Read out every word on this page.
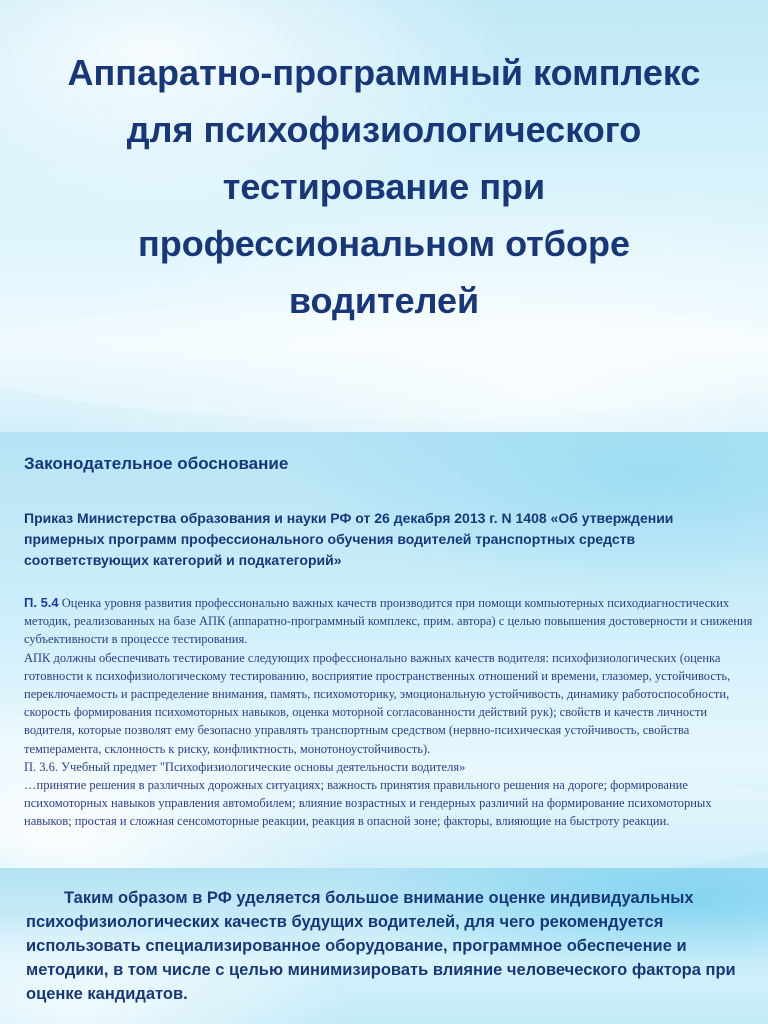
Аппаратно-программный комплекс для психофизиологического тестирование при профессиональном отборе водителей
Законодательное обоснование

Приказ Министерства образования и науки РФ от 26 декабря 2013 г. N 1408 «Об утверждении примерных программ профессионального обучения водителей транспортных средств соответствующих категорий и подкатегорий»

П. 5.4 Оценка уровня развития профессионально важных качеств производится при помощи компьютерных психодиагностических методик, реализованных на базе АПК (аппаратно-программный комплекс, прим. автора) с целью повышения достоверности и снижения субъективности в процессе тестирования.

АПК должны обеспечивать тестирование следующих профессионально важных качеств водителя: психофизиологических (оценка готовности к психофизиологическому тестированию, восприятие пространственных отношений и времени, глазомер, устойчивость, переключаемость и распределение внимания, память, психомоторику, эмоциональную устойчивость, динамику работоспособности, скорость формирования психомоторных навыков, оценка моторной согласованности действий рук); свойств и качеств личности водителя, которые позволят ему безопасно управлять транспортным средством (нервно-психическая устойчивость, свойства темперамента, склонность к риску, конфликтность, монотоноустойчивость).

П. 3.6. Учебный предмет "Психофизиологические основы деятельности водителя»

…принятие решения в различных дорожных ситуациях; важность принятия правильного решения на дороге; формирование психомоторных навыков управления автомобилем; влияние возрастных и гендерных различий на формирование психомоторных навыков; простая и сложная сенсомоторные реакции, реакция в опасной зоне; факторы, влияющие на быстроту реакции.

Таким образом в РФ уделяется большое внимание оценке индивидуальных психофизиологических качеств будущих водителей, для чего рекомендуется использовать специализированное оборудование, программное обеспечение и методики, в том числе с целью минимизировать влияние человеческого фактора при оценке кандидатов.
